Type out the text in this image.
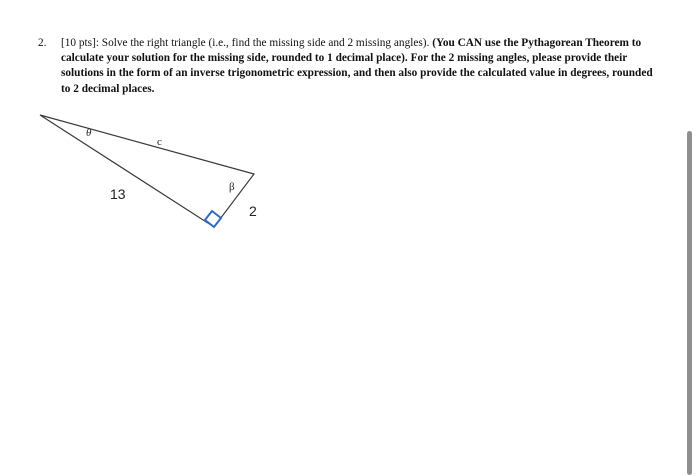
2. [10 pts]: Solve the right triangle (i.e., find the missing side and 2 missing angles). (You CAN use the Pythagorean Theorem to calculate your solution for the missing side, rounded to 1 decimal place). For the 2 missing angles, please provide their solutions in the form of an inverse trigonometric expression, and then also provide the calculated value in degrees, rounded to 2 decimal places.
θ
c
β
13
2
